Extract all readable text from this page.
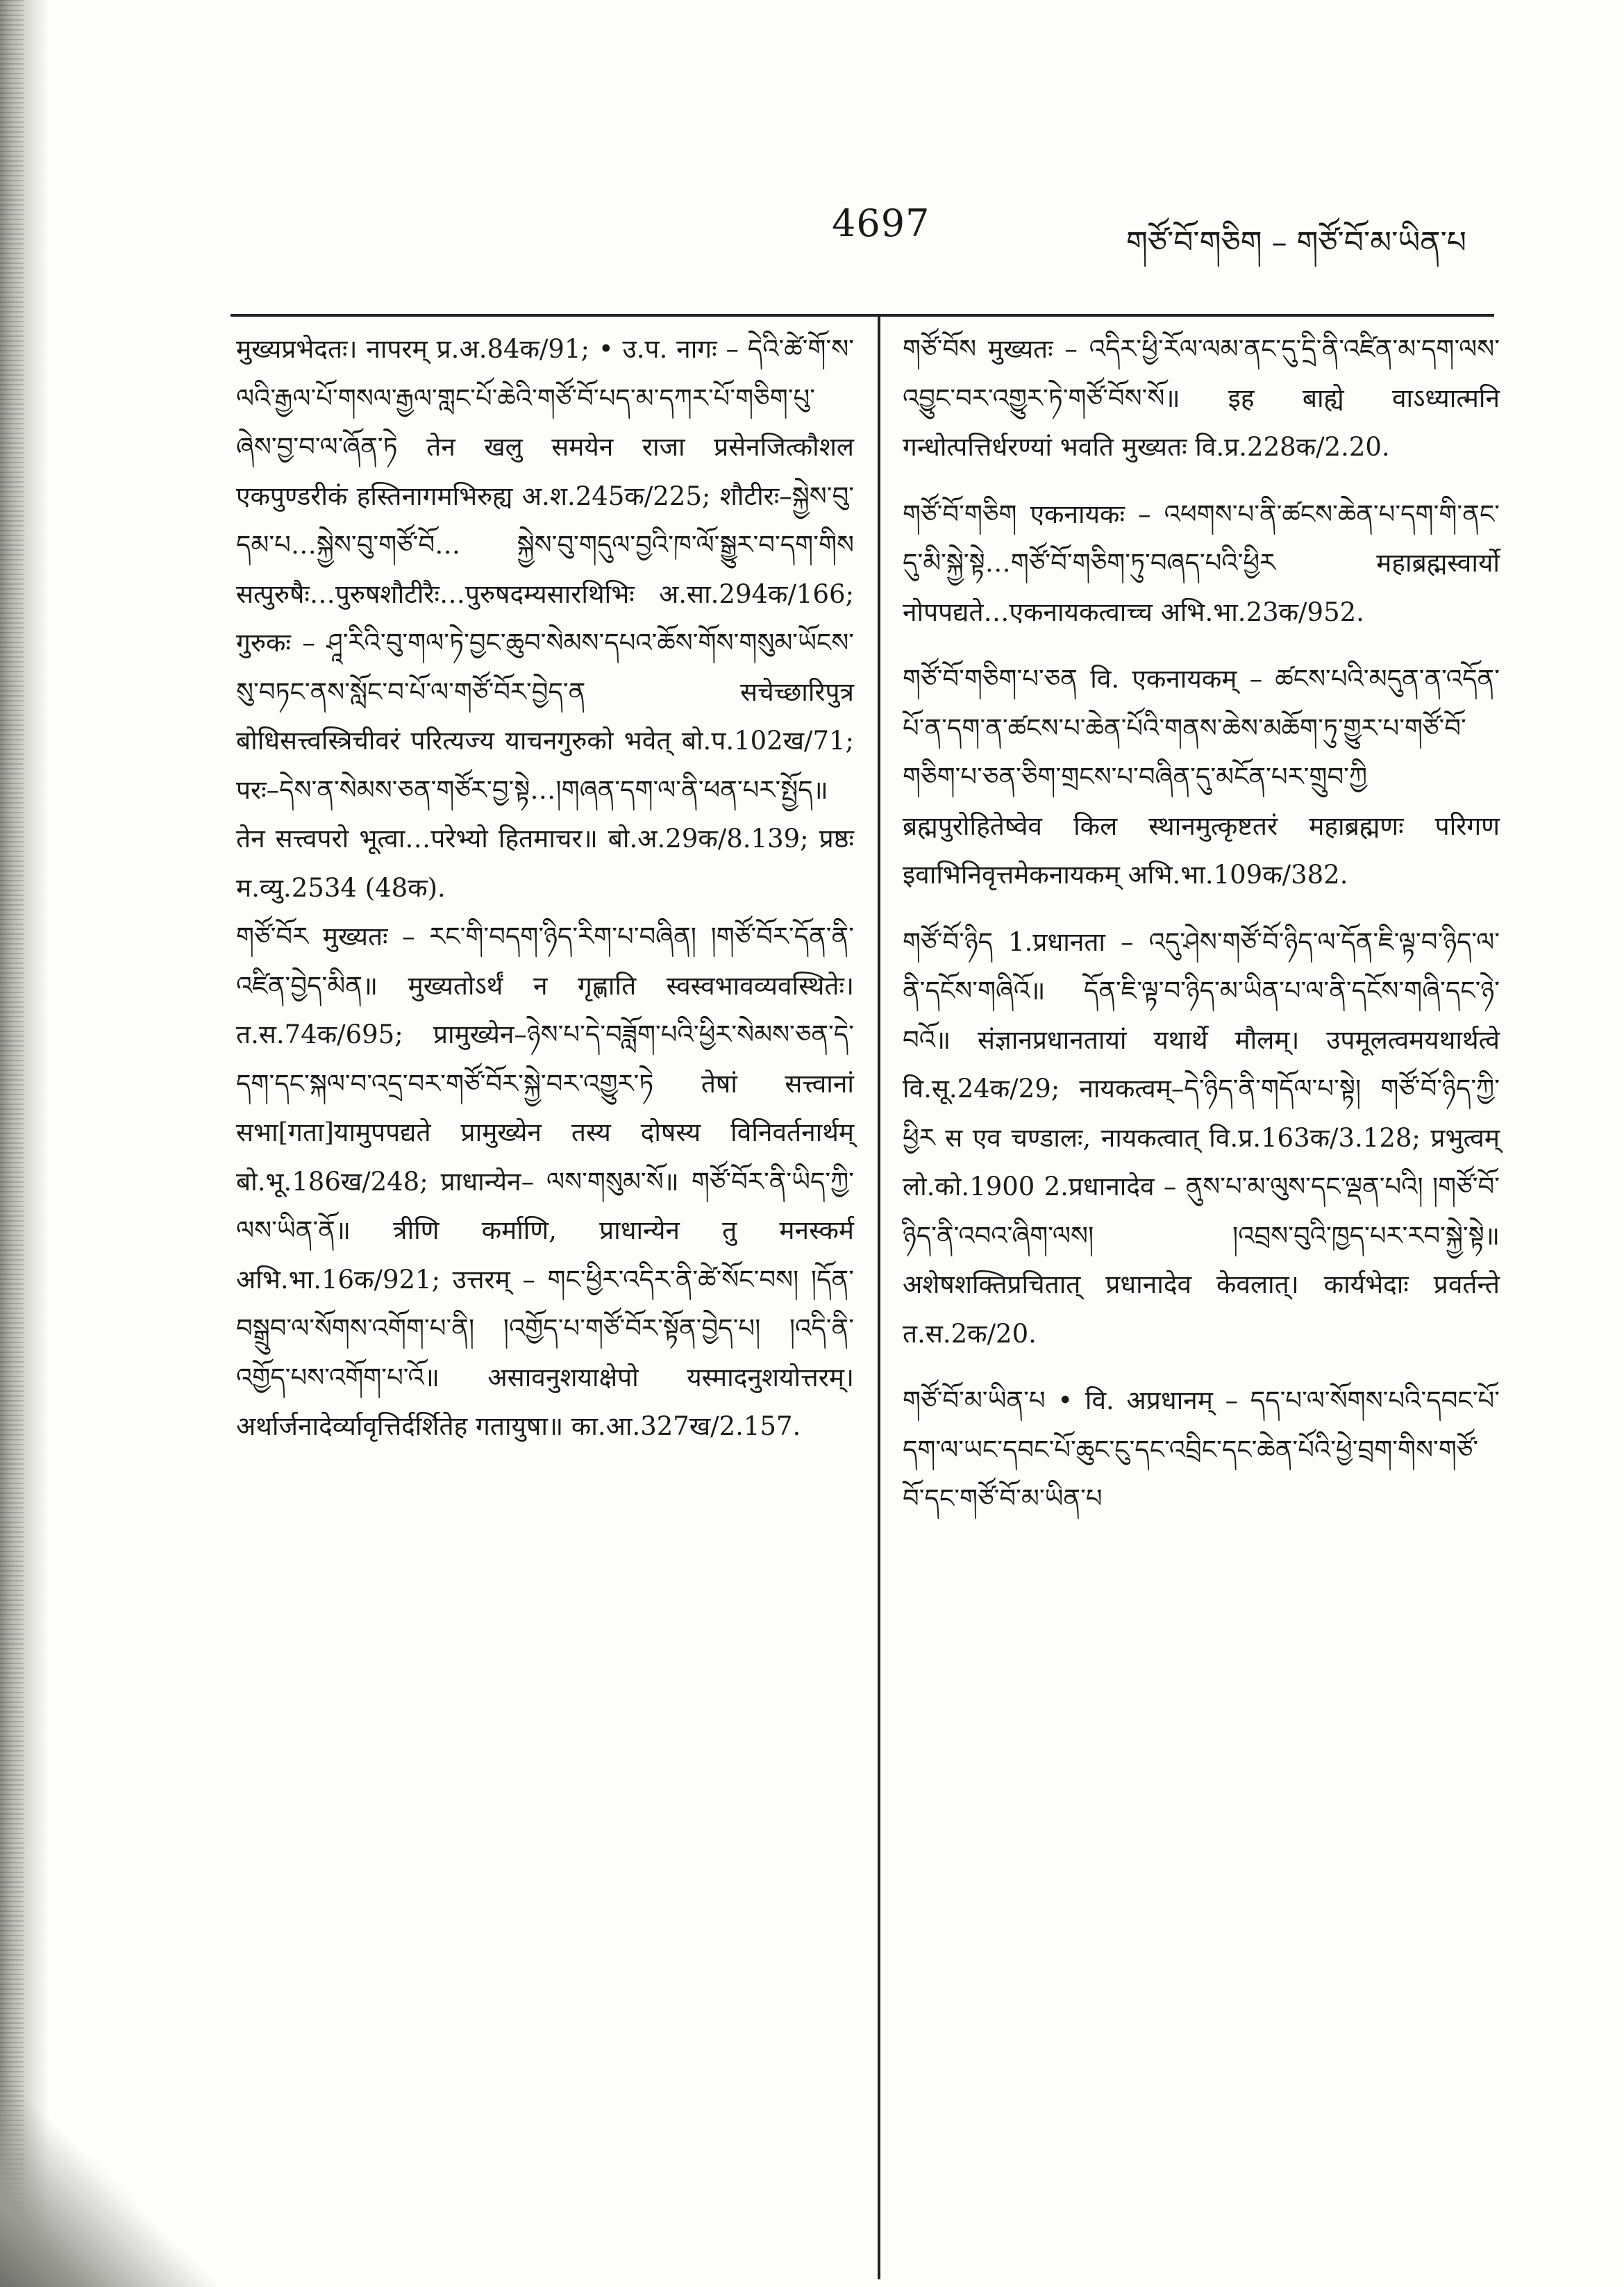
4697	གཙོ་བོ་གཅིག – གཙོ་བོ་མ་ཡིན་པ

मुख्यप्रभेदतः। नापरम् प्र.अ.84क/91; • उ.प. नागः – དེའི་ཚེ་གོ་ས་ལའི་རྒྱལ་པོ་གསལ་རྒྱལ་གླང་པོ་ཆེའི་གཙོ་བོ་པད་མ་དཀར་པོ་གཅིག་པུ་ཞེས་བྱ་བ་ལ་ཞོན་ཏེ तेन खलु समयेन राजा प्रसेनजित्कौशल एकपुण्डरीकं हस्तिनागमभिरुह्य अ.श.245क/225; शौटीरः–སྐྱེས་བུ་དམ་པ…སྐྱེས་བུ་གཙོ་བོ… སྐྱེས་བུ་གདུལ་བྱའི་ཁ་ལོ་སྒྱུར་བ་དག་གིས सत्पुरुषैः…पुरुषशौटीरैः…पुरुषदम्यसारथिभिः अ.सा.294क/166; गुरुकः – ཤཱ་རིའི་བུ་གལ་ཏེ་བྱང་ཆུབ་སེམས་དཔའ་ཆོས་གོས་གསུམ་ཡོངས་སུ་བཏང་ནས་སློང་བ་པོ་ལ་གཙོ་བོར་བྱེད་ན सचेच्छारिपुत्र बोधिसत्त्वस्त्रिचीवरं परित्यज्य याचनगुरुको भवेत् बो.प.102ख/71; परः–དེས་ན་སེམས་ཅན་གཙོར་བྱ་སྟེ…།གཞན་དག་ལ་ནི་ཕན་པར་སྤྱོད॥ तेन सत्त्वपरो भूत्वा…परेभ्यो हितमाचर॥ बो.अ.29क/8.139; प्रष्ठः म.व्यु.2534 (48क).

གཙོ་བོར मुख्यतः – རང་གི་བདག་ཉིད་རིག་པ་བཞིན། །གཙོ་བོར་དོན་ནི་འཛིན་བྱེད་མིན॥ मुख्यतोऽर्थं न गृह्णाति स्वस्वभावव्यवस्थितेः। त.स.74क/695; प्रामुख्येन–ཉེས་པ་དེ་བཟློག་པའི་ཕྱིར་སེམས་ཅན་དེ་དག་དང་སྐལ་བ་འདྲ་བར་གཙོ་བོར་སྐྱེ་བར་འགྱུར་ཏེ तेषां सत्त्वानां सभा[गता]यामुपपद्यते प्रामुख्येन तस्य दोषस्य विनिवर्तनार्थम् बो.भू.186ख/248; प्राधान्येन– ལས་གསུམ་སོ॥ གཙོ་བོར་ནི་ཡིད་ཀྱི་ལས་ཡིན་ནོ॥ त्रीणि कर्माणि, प्राधान्येन तु मनस्कर्म अभि.भा.16क/921; उत्तरम् – གང་ཕྱིར་འདིར་ནི་ཚེ་སོང་བས། །དོན་བསྒྲུབ་ལ་སོགས་འགོག་པ་ནི། །འགྱོད་པ་གཙོ་བོར་སྟོན་བྱེད་པ། །འདི་ནི་འགྱོད་པས་འགོག་པ་འོ॥ असावनुशयाक्षेपो यस्मादनुशयोत्तरम्। अर्थार्जनादेर्व्यावृत्तिर्दर्शितेह गतायुषा॥ का.आ.327ख/2.157.

གཙོ་བོས मुख्यतः – འདིར་ཕྱི་རོལ་ལམ་ནང་དུ་དྲི་ནི་འཛིན་མ་དག་ལས་འབྱུང་བར་འགྱུར་ཏེ་གཙོ་བོས་སོ॥ इह बाह्ये वाऽध्यात्मनि गन्धोत्पत्तिर्धरण्यां भवति मुख्यतः वि.प्र.228क/2.20.

གཙོ་བོ་གཅིག एकनायकः – འཕགས་པ་ནི་ཚངས་ཆེན་པ་དག་གི་ནང་དུ་མི་སྐྱེ་སྟེ…གཙོ་བོ་གཅིག་ཏུ་བཞད་པའི་ཕྱིར महाब्रह्मस्वार्यो नोपपद्यते…एकनायकत्वाच्च अभि.भा.23क/952.

གཙོ་བོ་གཅིག་པ་ཅན वि. एकनायकम् – ཚངས་པའི་མདུན་ན་འདོན་པོ་ན་དག་ན་ཚངས་པ་ཆེན་པོའི་གནས་ཆེས་མཆོག་ཏུ་གྱུར་པ་གཙོ་བོ་གཅིག་པ་ཅན་ཅིག་གྲངས་པ་བཞིན་དུ་མངོན་པར་གྲུབ་ཀྱི ब्रह्मपुरोहितेष्वेव किल स्थानमुत्कृष्टतरं महाब्रह्मणः परिगण इवाभिनिवृत्तमेकनायकम् अभि.भा.109क/382.

གཙོ་བོ་ཉིད 1.प्रधानता – འདུ་ཤེས་གཙོ་བོ་ཉིད་ལ་དོན་ཇི་ལྟ་བ་ཉིད་ལ་ནི་དངོས་གཞིའོ॥ དོན་ཇི་ལྟ་བ་ཉིད་མ་ཡིན་པ་ལ་ནི་དངོས་གཞི་དང་ཉེ་བའོ॥ संज्ञानप्रधानतायां यथार्थे मौलम्। उपमूलत्वमयथार्थत्वे वि.सू.24क/29; नायकत्वम्–དེ་ཉིད་ནི་གདོལ་པ་སྟེ། གཙོ་བོ་ཉིད་ཀྱི་ཕྱིར स एव चण्डालः, नायकत्वात् वि.प्र.163क/3.128; प्रभुत्वम् लो.को.1900 2.प्रधानादेव – ནུས་པ་མ་ལུས་དང་ལྡན་པའི། །གཙོ་བོ་ཉིད་ནི་འབའ་ཞིག་ལས། །འབྲས་བུའི་ཁྱད་པར་རབ་སྐྱེ་སྟེ॥ अशेषशक्तिप्रचितात् प्रधानादेव केवलात्। कार्यभेदाः प्रवर्तन्ते त.स.2क/20.

གཙོ་བོ་མ་ཡིན་པ • वि. अप्रधानम् – དད་པ་ལ་སོགས་པའི་དབང་པོ་དག་ལ་ཡང་དབང་པོ་ཆུང་ངུ་དང་འབྲིང་དང་ཆེན་པོའི་ཕྱེ་བྲག་གིས་གཙོ་བོ་དང་གཙོ་བོ་མ་ཡིན་པ
